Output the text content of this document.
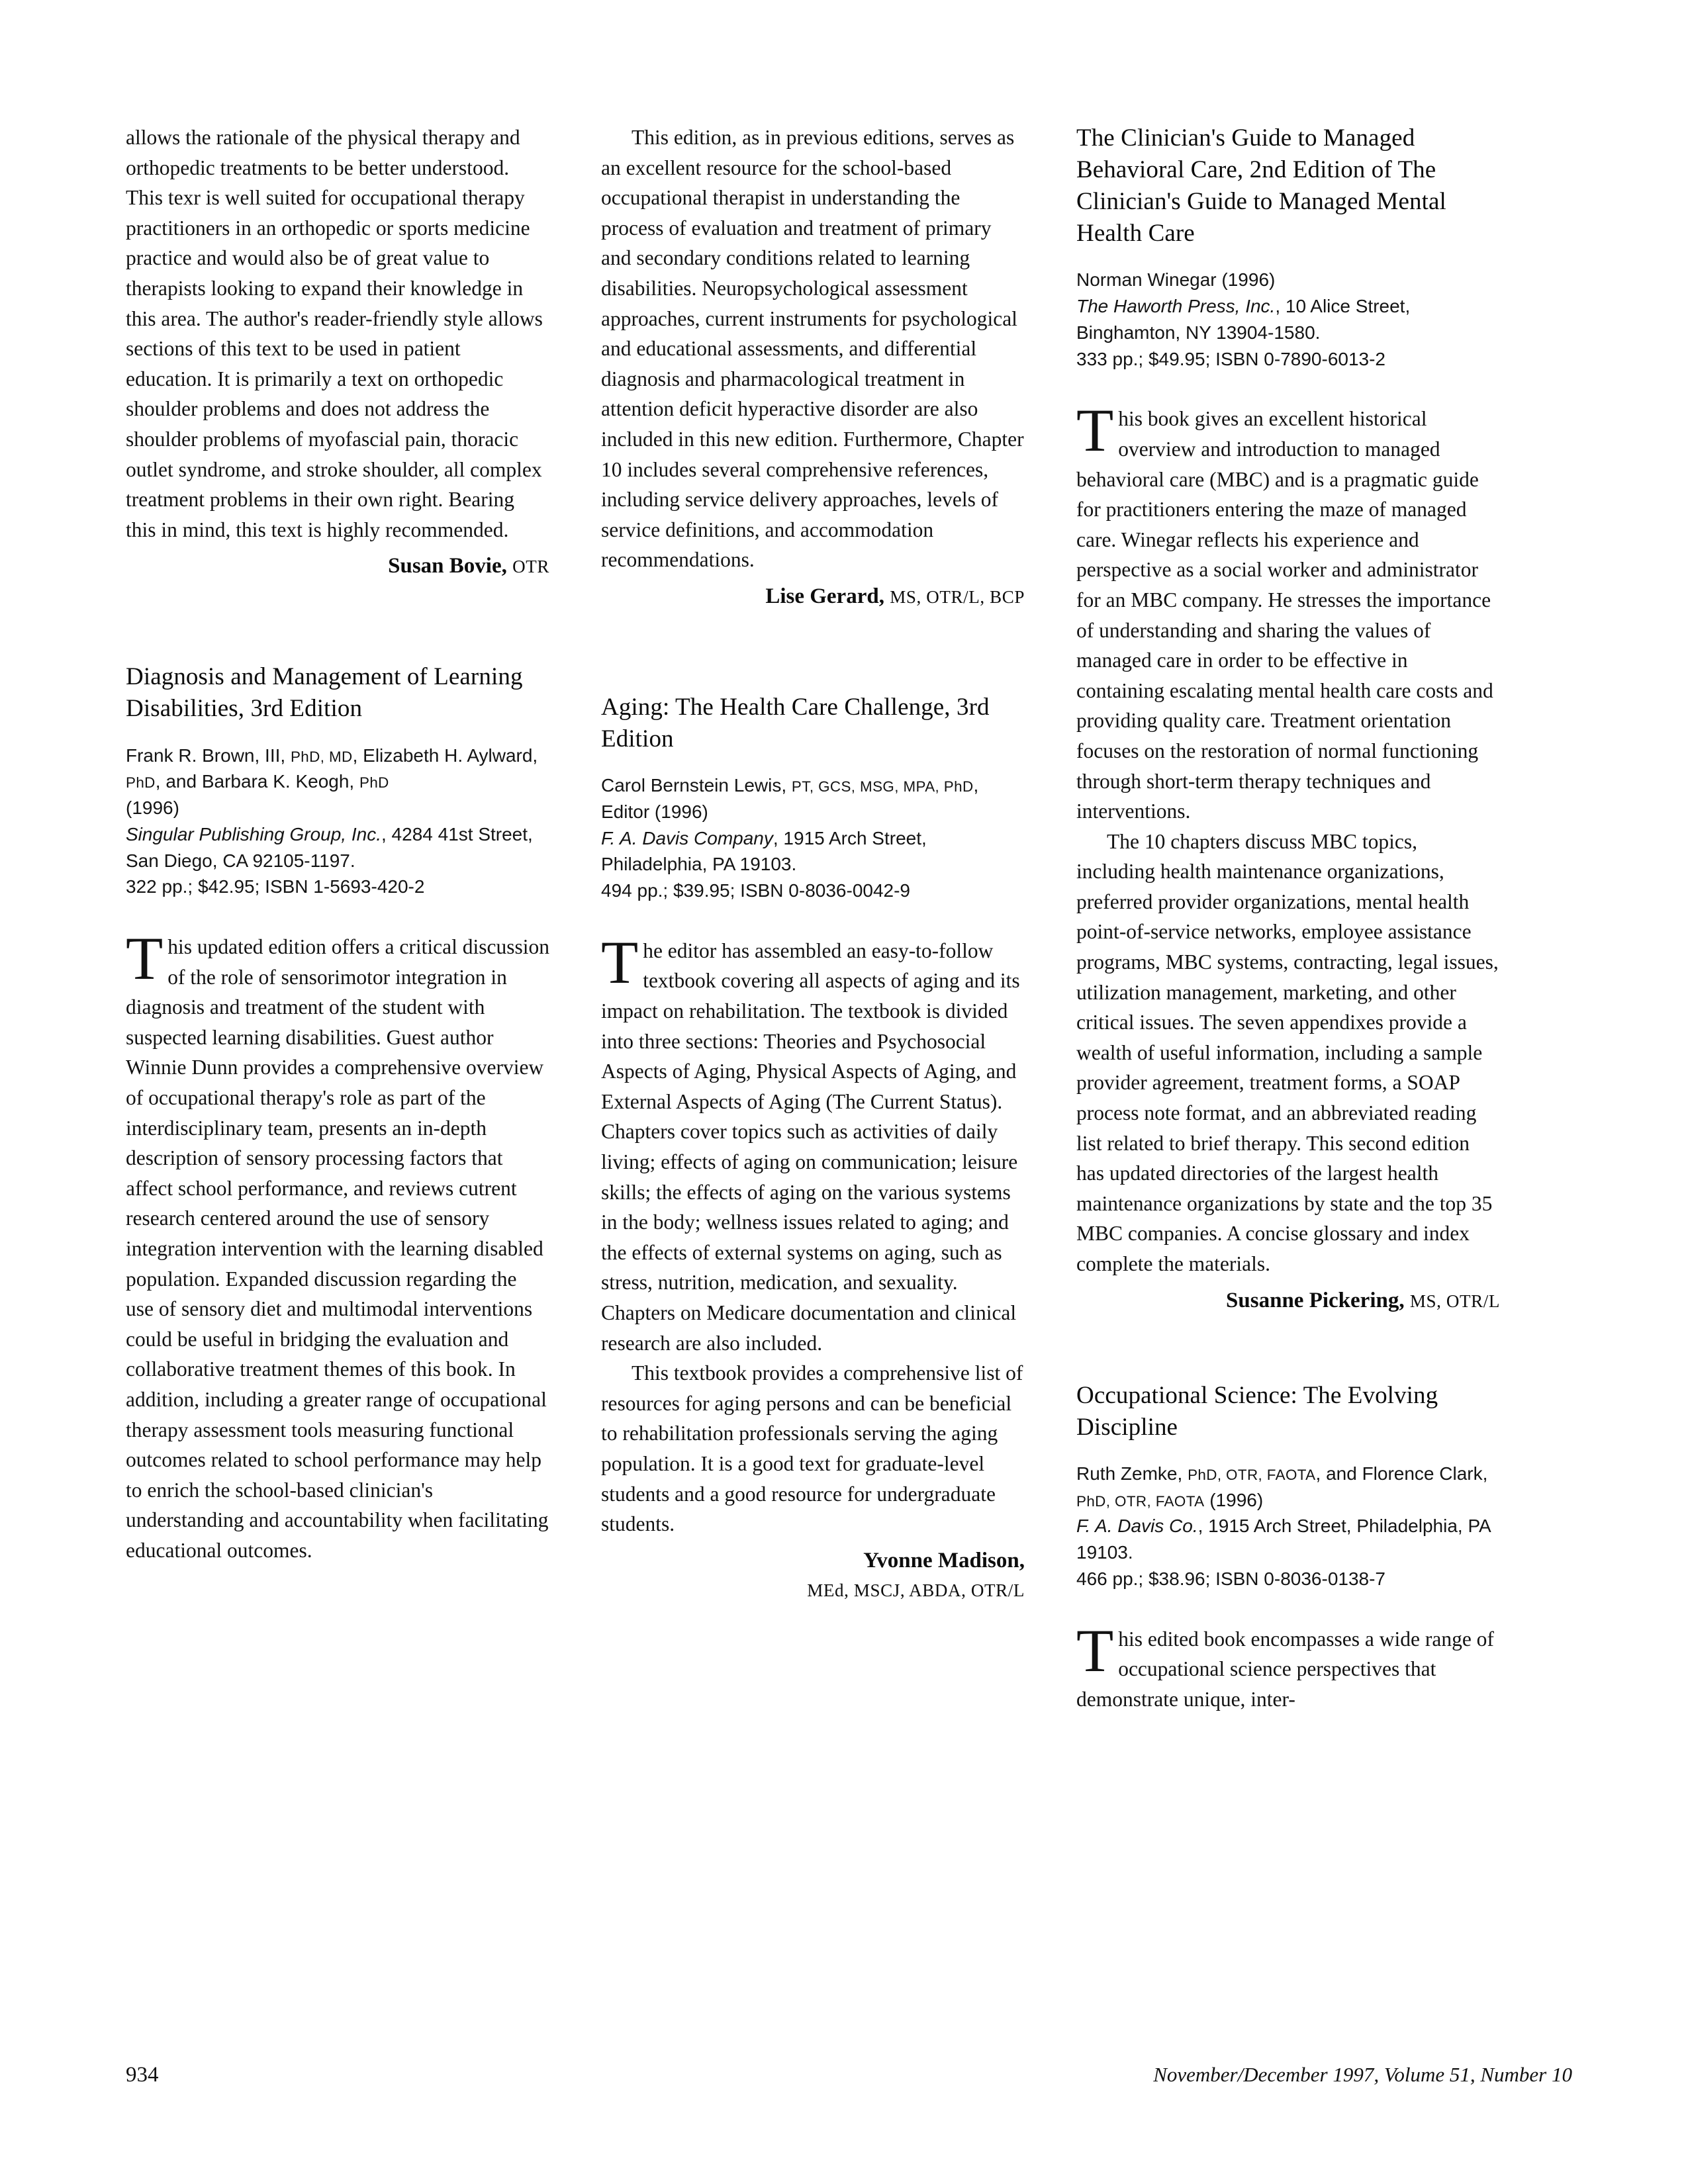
allows the rationale of the physical therapy and orthopedic treatments to be better understood. This texr is well suited for occupational therapy practitioners in an orthopedic or sports medicine practice and would also be of great value to therapists looking to expand their knowledge in this area. The author's reader-friendly style allows sections of this text to be used in patient education. It is primarily a text on orthopedic shoulder problems and does not address the shoulder problems of myofascial pain, thoracic outlet syndrome, and stroke shoulder, all complex treatment problems in their own right. Bearing this in mind, this text is highly recommended.

Susan Bovie, OTR

Diagnosis and Management of Learning Disabilities, 3rd Edition
Frank R. Brown, III, PhD, MD, Elizabeth H. Aylward, PhD, and Barbara K. Keogh, PhD
(1996)
Singular Publishing Group, Inc., 4284 41st Street, San Diego, CA 92105-1197.
322 pp.; $42.95; ISBN 1-5693-420-2

This updated edition offers a critical discussion of the role of sensorimotor integration in diagnosis and treatment of the student with suspected learning disabilities. Guest author Winnie Dunn provides a comprehensive overview of occupational therapy's role as part of the interdisciplinary team, presents an in-depth description of sensory processing factors that affect school performance, and reviews cutrent research centered around the use of sensory integration intervention with the learning disabled population. Expanded discussion regarding the use of sensory diet and multimodal interventions could be useful in bridging the evaluation and collaborative treatment themes of this book. In addition, including a greater range of occupational therapy assessment tools measuring functional outcomes related to school performance may help to enrich the school-based clinician's understanding and accountability when facilitating educational outcomes.

This edition, as in previous editions, serves as an excellent resource for the school-based occupational therapist in understanding the process of evaluation and treatment of primary and secondary conditions related to learning disabilities. Neuropsychological assessment approaches, current instruments for psychological and educational assessments, and differential diagnosis and pharmacological treatment in attention deficit hyperactive disorder are also included in this new edition. Furthermore, Chapter 10 includes several comprehensive references, including service delivery approaches, levels of service definitions, and accommodation recommendations.

Lise Gerard, MS, OTR/L, BCP

Aging: The Health Care Challenge, 3rd Edition
Carol Bernstein Lewis, PT, GCS, MSG, MPA, PhD, Editor (1996)
F. A. Davis Company, 1915 Arch Street, Philadelphia, PA 19103.
494 pp.; $39.95; ISBN 0-8036-0042-9

The editor has assembled an easy-to-follow textbook covering all aspects of aging and its impact on rehabilitation. The textbook is divided into three sections: Theories and Psychosocial Aspects of Aging, Physical Aspects of Aging, and External Aspects of Aging (The Current Status). Chapters cover topics such as activities of daily living; effects of aging on communication; leisure skills; the effects of aging on the various systems in the body; wellness issues related to aging; and the effects of external systems on aging, such as stress, nutrition, medication, and sexuality. Chapters on Medicare documentation and clinical research are also included.

This textbook provides a comprehensive list of resources for aging persons and can be beneficial to rehabilitation professionals serving the aging population. It is a good text for graduate-level students and a good resource for undergraduate students.

Yvonne Madison,
MEd, MSCJ, ABDA, OTR/L

The Clinician's Guide to Managed Behavioral Care, 2nd Edition of The Clinician's Guide to Managed Mental Health Care
Norman Winegar (1996)
The Haworth Press, Inc., 10 Alice Street, Binghamton, NY 13904-1580.
333 pp.; $49.95; ISBN 0-7890-6013-2

This book gives an excellent historical overview and introduction to managed behavioral care (MBC) and is a pragmatic guide for practitioners entering the maze of managed care. Winegar reflects his experience and perspective as a social worker and administrator for an MBC company. He stresses the importance of understanding and sharing the values of managed care in order to be effective in containing escalating mental health care costs and providing quality care. Treatment orientation focuses on the restoration of normal functioning through short-term therapy techniques and interventions.

The 10 chapters discuss MBC topics, including health maintenance organizations, preferred provider organizations, mental health point-of-service networks, employee assistance programs, MBC systems, contracting, legal issues, utilization management, marketing, and other critical issues. The seven appendixes provide a wealth of useful information, including a sample provider agreement, treatment forms, a SOAP process note format, and an abbreviated reading list related to brief therapy. This second edition has updated directories of the largest health maintenance organizations by state and the top 35 MBC companies. A concise glossary and index complete the materials.

Susanne Pickering, MS, OTR/L

Occupational Science: The Evolving Discipline
Ruth Zemke, PhD, OTR, FAOTA, and Florence Clark, PhD, OTR, FAOTA (1996)
F. A. Davis Co., 1915 Arch Street, Philadelphia, PA 19103.
466 pp.; $38.96; ISBN 0-8036-0138-7

This edited book encompasses a wide range of occupational science perspectives that demonstrate unique, inter-

934	November/December 1997, Volume 51, Number 10
